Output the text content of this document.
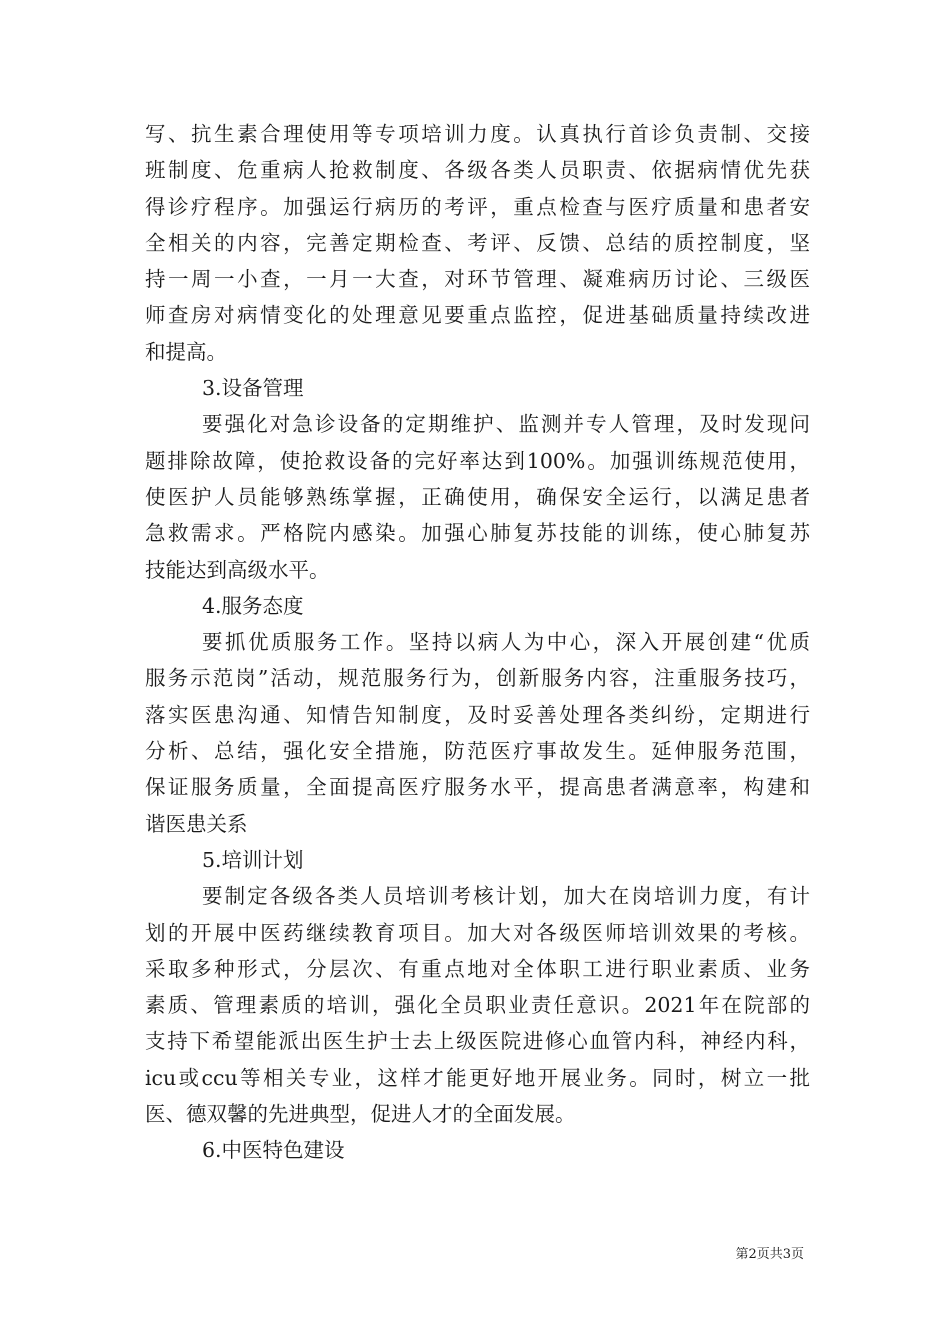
写、抗生素合理使用等专项培训力度。认真执行首诊负责制、交接
班制度、危重病人抢救制度、各级各类人员职责、依据病情优先获
得诊疗程序。加强运行病历的考评，重点检查与医疗质量和患者安
全相关的内容，完善定期检查、考评、反馈、总结的质控制度，坚
持一周一小查，一月一大查，对环节管理、凝难病历讨论、三级医
师查房对病情变化的处理意见要重点监控，促进基础质量持续改进
和提高。
3.设备管理
要强化对急诊设备的定期维护、监测并专人管理，及时发现问
题排除故障，使抢救设备的完好率达到100%。加强训练规范使用，
使医护人员能够熟练掌握，正确使用，确保安全运行，以满足患者
急救需求。严格院内感染。加强心肺复苏技能的训练，使心肺复苏
技能达到高级水平。
4.服务态度
要抓优质服务工作。坚持以病人为中心，深入开展创建“优质
服务示范岗”活动，规范服务行为，创新服务内容，注重服务技巧，
落实医患沟通、知情告知制度，及时妥善处理各类纠纷，定期进行
分析、总结，强化安全措施，防范医疗事故发生。延伸服务范围，
保证服务质量，全面提高医疗服务水平，提高患者满意率，构建和
谐医患关系
5.培训计划
要制定各级各类人员培训考核计划，加大在岗培训力度，有计
划的开展中医药继续教育项目。加大对各级医师培训效果的考核。
采取多种形式，分层次、有重点地对全体职工进行职业素质、业务
素质、管理素质的培训，强化全员职业责任意识。2021年在院部的
支持下希望能派出医生护士去上级医院进修心血管内科，神经内科，
icu或ccu等相关专业，这样才能更好地开展业务。同时，树立一批
医、德双馨的先进典型，促进人才的全面发展。
6.中医特色建设
第2页共3页
